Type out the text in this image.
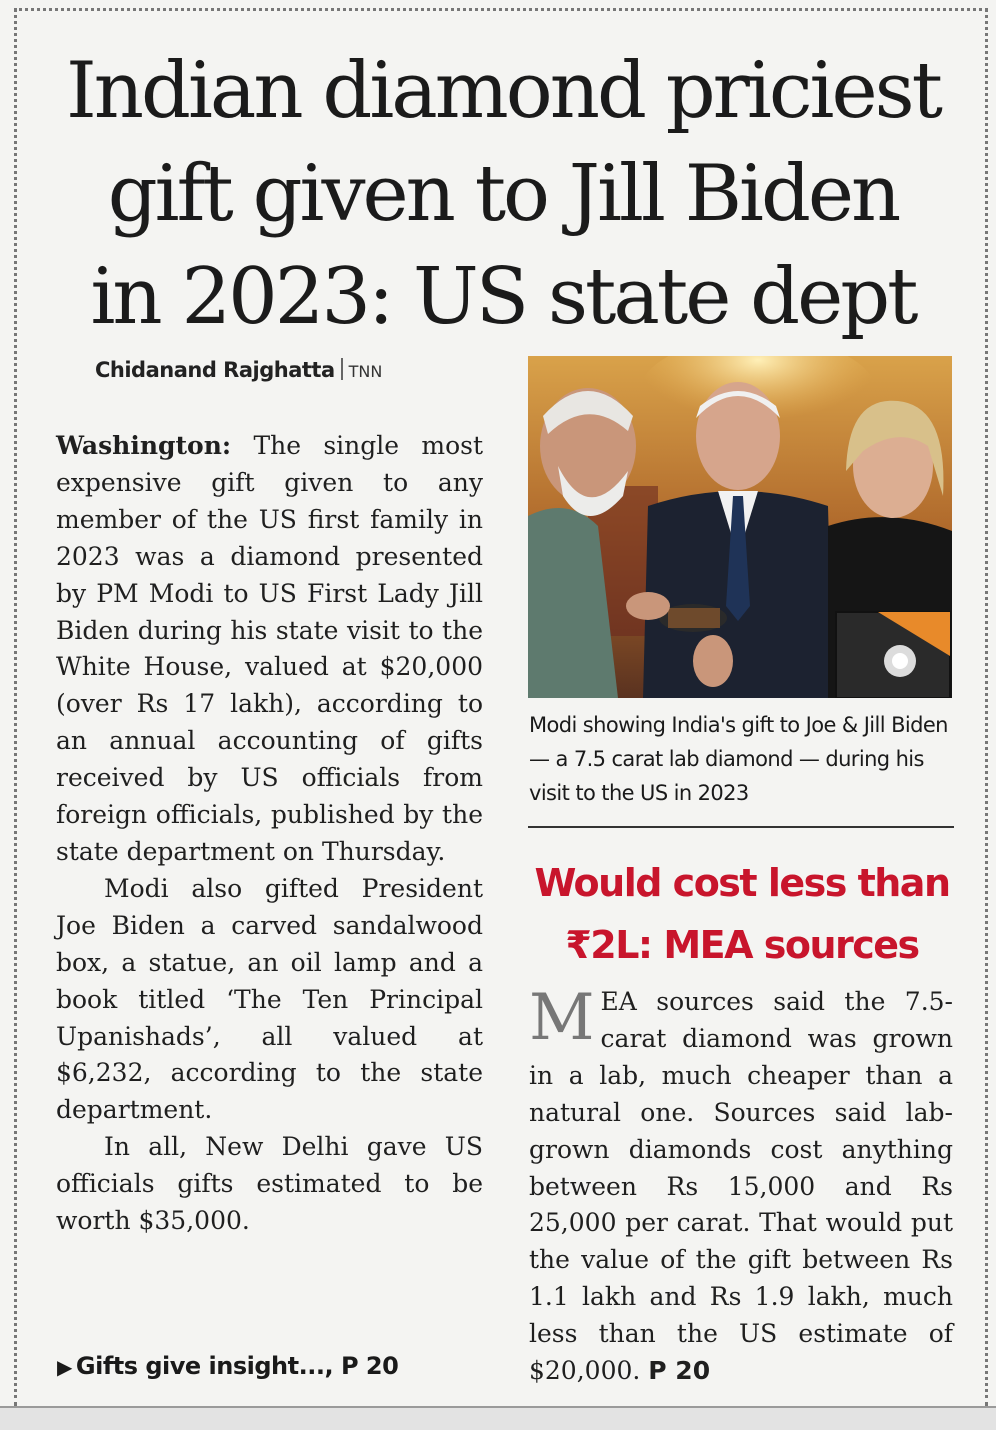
Indian diamond priciest
gift given to Jill Biden
in 2023: US state dept
Chidanand Rajghatta TNN

Washington: The single most expensive gift given to any member of the US first family in 2023 was a diamond presented by PM Modi to US First Lady Jill Biden during his state visit to the White House, valued at $20,000 (over Rs 17 lakh), according to an annual accounting of gifts received by US officials from foreign officials, published by the state department on Thursday.

Modi also gifted President Joe Biden a carved sandalwood box, a statue, an oil lamp and a book titled ‘The Ten Principal Upanishads’, all valued at $6,232, according to the state department.

In all, New Delhi gave US officials gifts estimated to be worth $35,000.

▶ Gifts give insight..., P 20
Modi showing India's gift to Joe & Jill Biden — a 7.5 carat lab diamond — during his visit to the US in 2023
Would cost less than
₹2L: MEA sources

MEA sources said the 7.5-carat diamond was grown in a lab, much cheaper than a natural one. Sources said lab-grown diamonds cost anything between Rs 15,000 and Rs 25,000 per carat. That would put the value of the gift between Rs 1.1 lakh and Rs 1.9 lakh, much less than the US estimate of $20,000. P 20
